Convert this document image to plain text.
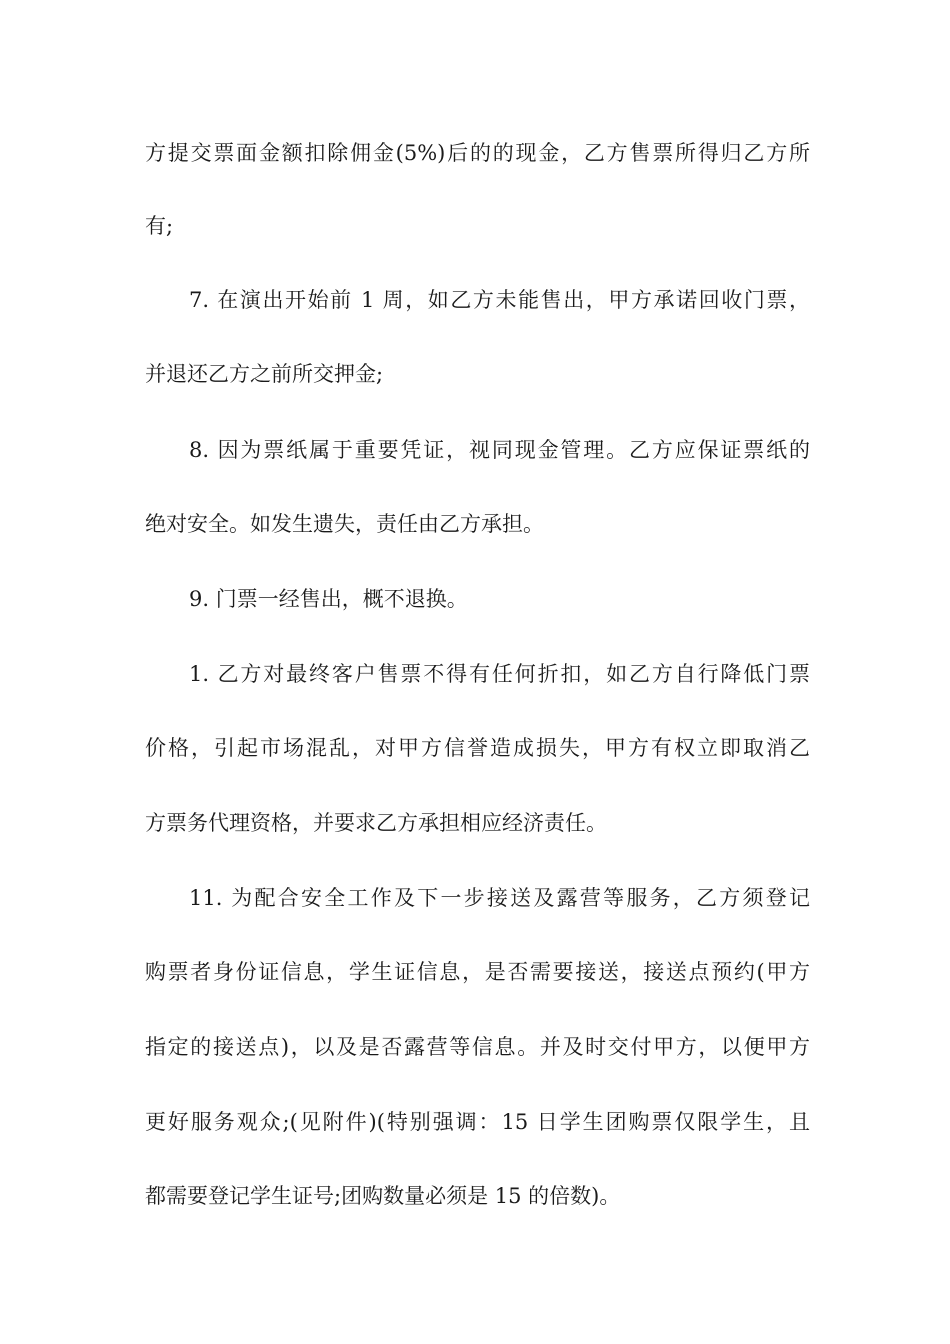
方提交票面金额扣除佣金(5%)后的的现金，乙方售票所得归乙方所
有;
7. 在演出开始前 1 周，如乙方未能售出，甲方承诺回收门票，
并退还乙方之前所交押金;
8. 因为票纸属于重要凭证，视同现金管理。乙方应保证票纸的
绝对安全。如发生遗失，责任由乙方承担。
9. 门票一经售出，概不退换。
1. 乙方对最终客户售票不得有任何折扣，如乙方自行降低门票
价格，引起市场混乱，对甲方信誉造成损失，甲方有权立即取消乙
方票务代理资格，并要求乙方承担相应经济责任。
11. 为配合安全工作及下一步接送及露营等服务，乙方须登记
购票者身份证信息，学生证信息，是否需要接送，接送点预约(甲方
指定的接送点)，以及是否露营等信息。并及时交付甲方，以便甲方
更好服务观众;(见附件)(特别强调：15 日学生团购票仅限学生，且
都需要登记学生证号;团购数量必须是 15 的倍数)。
